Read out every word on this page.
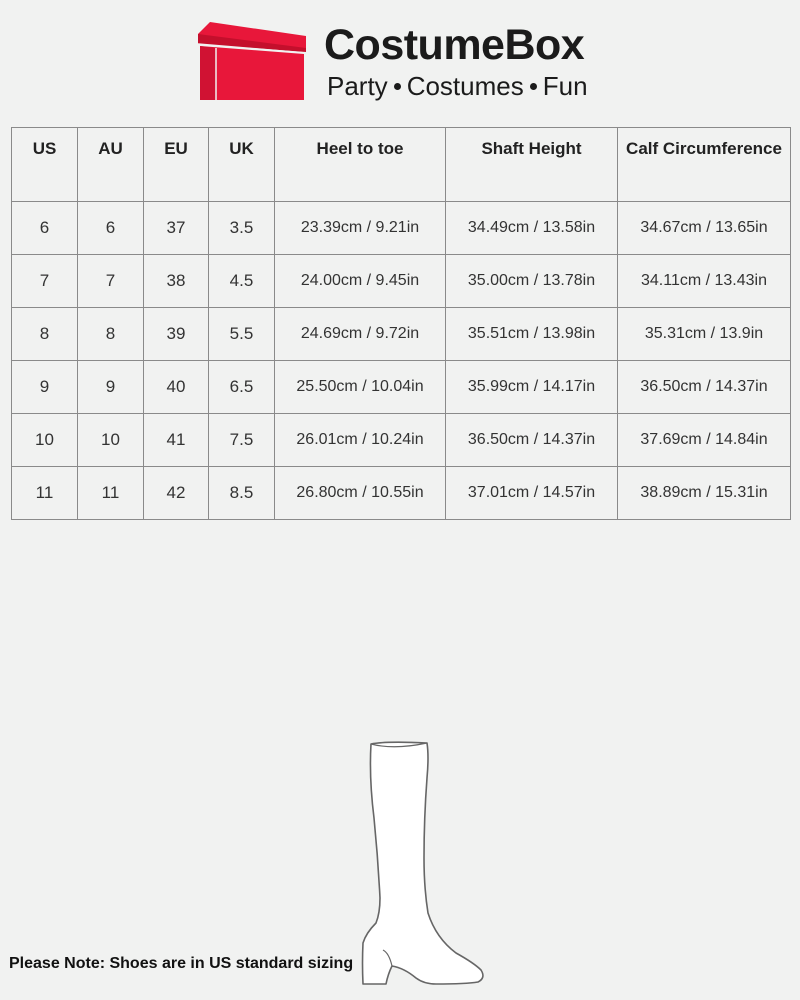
CostumeBox
Party Costumes Fun
US	AU	EU	UK	Heel to toe	Shaft Height	Calf Circumference
6	6	37	3.5	23.39cm / 9.21in	34.49cm / 13.58in	34.67cm / 13.65in
7	7	38	4.5	24.00cm / 9.45in	35.00cm / 13.78in	34.11cm / 13.43in
8	8	39	5.5	24.69cm / 9.72in	35.51cm / 13.98in	35.31cm / 13.9in
9	9	40	6.5	25.50cm / 10.04in	35.99cm / 14.17in	36.50cm / 14.37in
10	10	41	7.5	26.01cm / 10.24in	36.50cm / 14.37in	37.69cm / 14.84in
11	11	42	8.5	26.80cm / 10.55in	37.01cm / 14.57in	38.89cm / 15.31in
Please Note: Shoes are in US standard sizing
